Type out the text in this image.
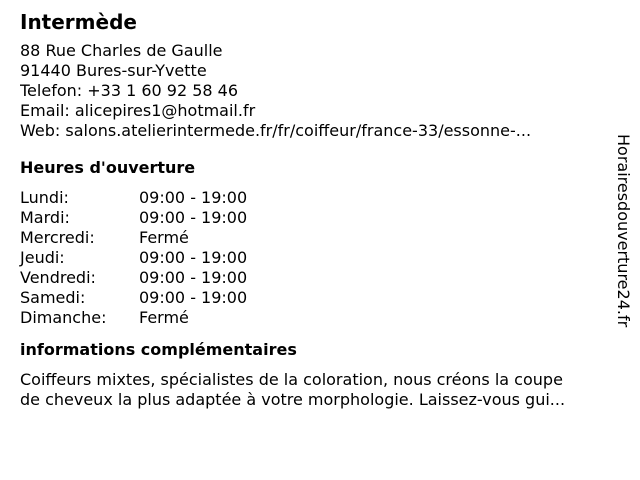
Intermède
88 Rue Charles de Gaulle
91440 Bures-sur-Yvette
Telefon: +33 1 60 92 58 46
Email: alicepires1@hotmail.fr
Web: salons.atelierintermede.fr/fr/coiffeur/france-33/essonne-...
Heures d'ouverture
Lundi:	09:00 - 19:00
Mardi:	09:00 - 19:00
Mercredi:	Fermé
Jeudi:	09:00 - 19:00
Vendredi:	09:00 - 19:00
Samedi:	09:00 - 19:00
Dimanche:	Fermé
informations complémentaires
Coiffeurs mixtes, spécialistes de la coloration, nous créons la coupe
de cheveux la plus adaptée à votre morphologie. Laissez-vous gui...
Horairesdouverture24.fr
